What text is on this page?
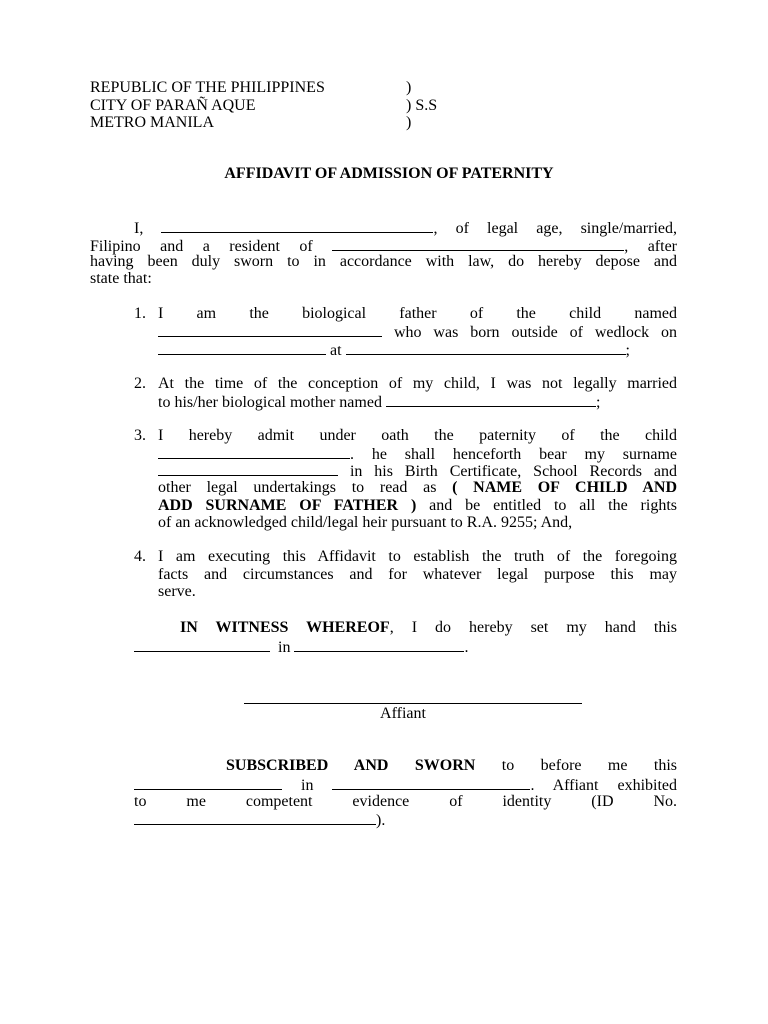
REPUBLIC OF THE PHILIPPINES	)
CITY OF PARAÑ AQUE	) S.S
METRO MANILA	)
AFFIDAVIT OF ADMISSION OF PATERNITY
I,	, of legal age, single/married,
Filipino and a resident of	, after
having been duly sworn to in accordance with law, do hereby depose and
state that:
1. I am the biological father of the child named
who was born outside of wedlock on
at	;
2. At the time of the conception of my child, I was not legally married
to his/her biological mother named	;
3. I hereby admit under oath the paternity of the child
. he shall henceforth bear my surname
in his Birth Certificate, School Records and
other legal undertakings to read as ( NAME OF CHILD AND
ADD SURNAME OF FATHER ) and be entitled to all the rights
of an acknowledged child/legal heir pursuant to R.A. 9255; And,
4. I am executing this Affidavit to establish the truth of the foregoing
facts and circumstances and for whatever legal purpose this may
serve.
IN WITNESS WHEREOF, I do hereby set my hand this
in	.
Affiant
SUBSCRIBED AND SWORN to before me this
in	. Affiant exhibited
to me competent evidence of identity (ID No.
).
